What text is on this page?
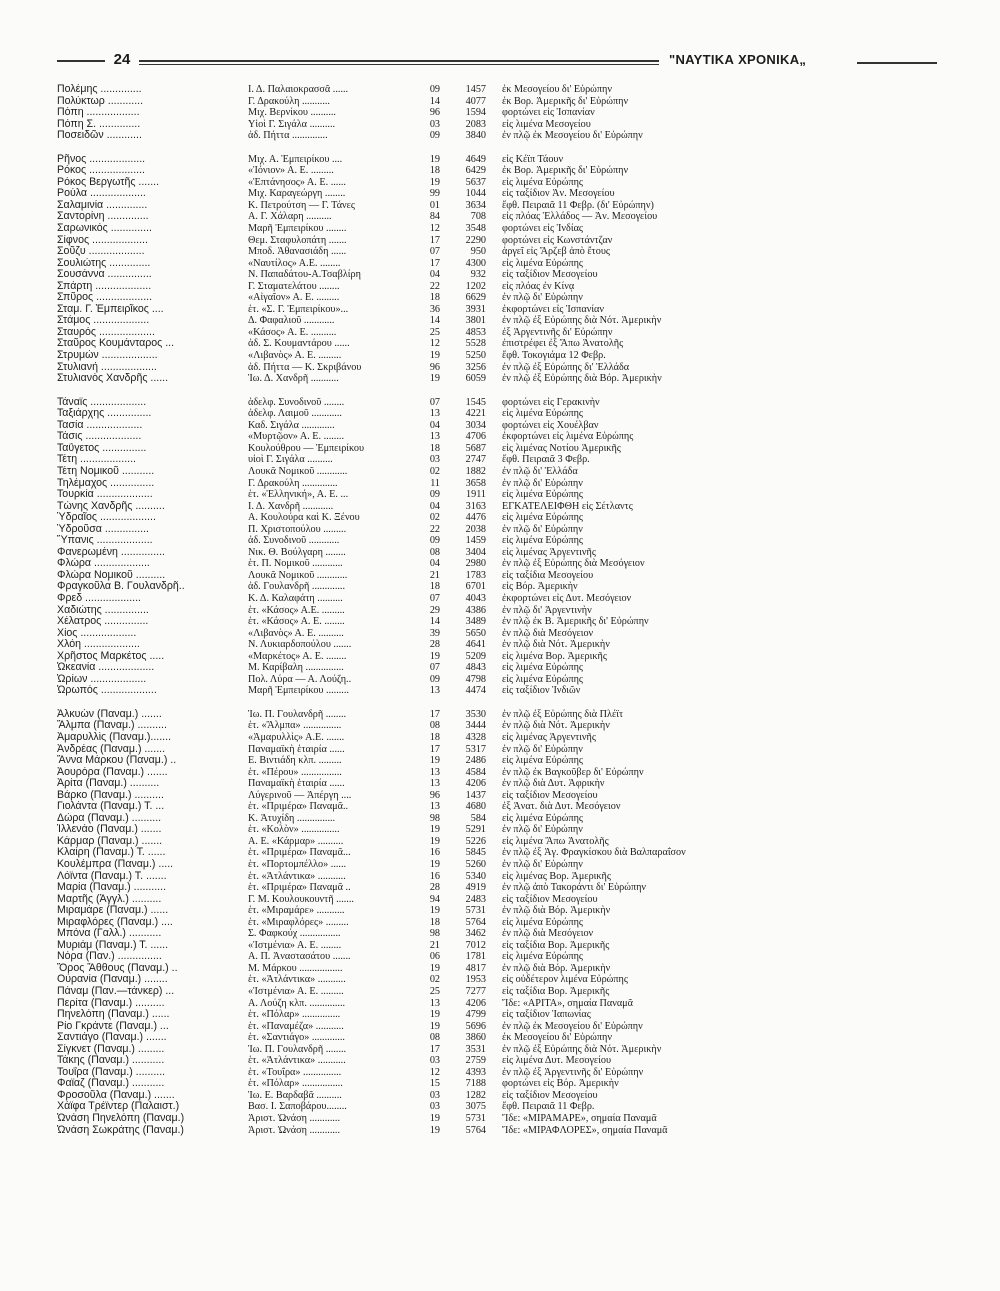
24	"ΝΑΥΤΙΚΑ ΧΡΟΝΙΚΑ„
Πολέμης ..............	Ι. Δ. Παλαιοκρασσᾶ ......	09	1457 ἐκ Μεσογείου δι' Εὐρώπην
Πολύκτωρ ............	Γ. Δρακούλη ...........	14	4077 ἐκ Βορ. Ἀμερικῆς δι' Εὐρώπην
Πόπη ..................	Μιχ. Βερνίκου ..........	96	1594 φορτώνει εἰς Ἱσπανίαν
Πόπη Σ. ..............	Υἱοὶ Γ. Σιγάλα ..........	03	2083 εἰς λιμένα Μεσογείου
Ποσειδῶν ............	ἀδ. Πήττα ..............	09	3840 ἐν πλῷ ἐκ Μεσογείου δι' Εὐρώπην
Ρῆνος ...................	Μιχ. Α. Ἐμπειρίκου ....	19	4649 εἰς Κέϊπ Τάουν
Ρόκος ...................	«Ἰόνιον» Α. Ε. .........	18	6429 ἐκ Βορ. Ἀμερικῆς δι' Εὐρώπην
Ρόκος Βεργωτῆς .......	«Ἐπτάνησος» Α. Ε. ......	19	5637 εἰς λιμένα Εὐρώπης
Ρούλα ...................	Μιχ. Καραγεώργη ........	99	1044 εἰς ταξίδιον Ἀν. Μεσογείου
Σαλαμινία ..............	Κ. Πετρούτση — Γ. Τάνες	01	3634 ἔφθ. Πειραιᾶ 11 Φεβρ. (δι' Εὐρώπην)
Σαντορίνη ..............	Α. Γ. Χάλαρη ..........	84	708 εἰς πλόας Ἑλλάδος — Ἀν. Μεσογείου
Σαρωνικός ..............	Μαρῆ Ἐμπειρίκου ........	12	3548 φορτώνει εἰς Ἰνδίας
Σίφνος ...................	Θεμ. Σταφυλοπάτη .......	17	2290 φορτώνει εἰς Κωνστάντζαν
Σοῦζυ ...................	Μποδ. Ἀθανασιάδη ......	07	950 ἀργεῖ εἰς Ἄρζεβ ἀπὸ ἔτους
Σουλιώτης ..............	«Ναυτίλος» Α.Ε. ........	17	4300 εἰς λιμένα Εὐρώπης
Σουσάννα ...............	Ν. Παπαδάτου-Α.Τσαβλίρη	04	932 εἰς ταξίδιον Μεσογείου
Σπάρτη ...................	Γ. Σταματελάτου ........	22	1202 εἰς πλόας ἐν Κίνᾳ
Σπῦρος ...................	«Αἰγαῖον» Α. Ε. .........	18	6629 ἐν πλῷ δι' Εὐρώπην
Σταμ. Γ. Ἐμπειρῖκος ....	ἑτ. «Σ. Γ. Ἐμπειρίκου»...	36	3931 ἐκφορτώνει εἰς Ἱσπανίαν
Στάμος ...................	Δ. Φαφαλιοῦ ............	14	3801 ἐν πλῷ ἐξ Εὐρώπης διὰ Νότ. Ἀμερικὴν
Σταυρός ...................	«Κάσος» Α. Ε. ..........	25	4853 ἐξ Ἀργεντινῆς δι' Εὐρώπην
Σταῦρος Κουμάνταρος ...	ἀδ. Σ. Κουμαντάρου ......	12	5528 ἐπιστρέφει ἐξ Ἄπω Ἀνατολῆς
Στρυμών ...................	«Λιβανὸς» Α. Ε. .........	19	5250 ἔφθ. Τοκογιάμα 12 Φεβρ.
Στυλιανή ...................	ἀδ. Πήττα — Κ. Σκριβάνου	96	3256 ἐν πλῷ ἐξ Εὐρώπης δι' Ἑλλάδα
Στυλιανὸς Χανδρῆς ......	Ἰω. Δ. Χανδρῆ ...........	19	6059 ἐν πλῷ ἐξ Εὐρώπης διὰ Βόρ. Ἀμερικὴν
Τάναϊς ...................	ἀδελφ. Συνοδινοῦ ........	07	1545 φορτώνει εἰς Γερακινὴν
Ταξιάρχης ...............	ἀδελφ. Λαιμοῦ ............	13	4221 εἰς λιμένα Εὐρώπης
Τασία ...................	Καδ. Σιγάλα .............	04	3034 φορτώνει εἰς Χουέλβαν
Τάσις ...................	«Μυρτῷον» Α. Ε. ........	13	4706 ἐκφορτώνει εἰς λιμένα Εὐρώπης
Ταΰγετος ...............	Κουλούθρου — Ἐμπειρίκου	18	5687 εἰς λιμένας Νοτίου Ἀμερικῆς
Τέτη ...................	υἱοὶ Γ. Σιγάλα ..........	03	2747 ἔφθ. Πειραιᾶ 3 Φεβρ.
Τέτη Νομικοῦ ...........	Λουκᾶ Νομικοῦ ............	02	1882 ἐν πλῷ δι' Ἑλλάδα
Τηλέμαχος ...............	Γ. Δρακούλη ..............	11	3658 ἐν πλῷ δι' Εὐρώπην
Τουρκία ...................	ἑτ. «Ἑλληνική», Α. Ε. ...	09	1911 εἰς λιμένα Εὐρώπης
Τώνης Χανδρῆς ..........	Ι. Δ. Χανδρῆ ............	04	3163 ΕΓΚΑΤΕΛΕΙΦΘΗ εἰς Σέτλαντς
Ὑδραῖος ...................	Α. Κουλούρα καὶ Κ. Ξένου	02	4476 εἰς λιμένα Εὐρώπης
Ὑδροῦσα ...............	Π. Χριστοπούλου .........	22	2038 ἐν πλῷ δι' Εὐρώπην
Ὕπανις ...................	ἀδ. Συνοδινοῦ ............	09	1459 εἰς λιμένα Εὐρώπης
Φανερωμένη ...............	Νικ. Θ. Βούλγαρη ........	08	3404 εἰς λιμένας Ἀργεντινῆς
Φλώρα ...................	ἑτ. Π. Νομικοῦ ............	04	2980 ἐν πλῷ ἐξ Εὐρώπης διὰ Μεσόγειον
Φλώρα Νομικοῦ ..........	Λουκᾶ Νομικοῦ ............	21	1783 εἰς ταξίδια Μεσογείου
Φραγκοῦλα Β. Γουλανδρῆ..	ἀδ. Γουλανδρῆ .............	18	6701 εἰς Βόρ. Ἀμερικὴν
Φρεδ ...................	Κ. Δ. Καλαφάτη ..........	07	4043 ἐκφορτώνει εἰς Δυτ. Μεσόγειον
Χαδιώτης ...............	ἑτ. «Κάσος» Α.Ε. .........	29	4386 ἐν πλῷ δι' Ἀργεντινὴν
Χέλατρος ...............	ἑτ. «Κάσος» Α. Ε. ........	14	3489 ἐν πλῷ ἐκ Β. Ἀμερικῆς δι' Εὐρώπην
Χίος ...................	«Λιβανὸς» Α. Ε. ..........	39	5650 ἐν πλῷ διὰ Μεσόγειον
Χλόη ...................	Ν. Λυκιαρδοπούλου .......	28	4641 ἐν πλῷ διὰ Νότ. Ἀμερικὴν
Χρῆστος Μαρκέτος .....	«Μαρκέτος» Α. Ε. ........	19	5209 εἰς λιμένα Βορ. Ἀμερικῆς
Ὠκεανία ...................	Μ. Καρίβαλη ...............	07	4843 εἰς λιμένα Εὐρώπης
Ὡρίων ...................	Πολ. Λύρα — Α. Λούζη..	09	4798 εἰς λιμένα Εὐρώπης
Ὠρωπός ...................	Μαρῆ Ἐμπειρίκου .........	13	4474 εἰς ταξίδιον Ἰνδιῶν
Ἀλκυὼν (Παναμ.) .......	Ἰω. Π. Γουλανδρῆ ........	17	3530 ἐν πλῷ ἐξ Εὐρώπης διὰ Πλέϊτ
Ἄλμπα (Παναμ.) ..........	ἑτ. «Ἄλμπα» ...............	08	3444 ἐν πλῷ διὰ Νότ. Ἀμερικὴν
Ἀμαρυλλὶς (Παναμ.).......	«Ἀμαρυλλὶς» Α.Ε. .......	18	4328 εἰς λιμένας Ἀργεντινῆς
Ἀνδρέας (Παναμ.) .......	Παναμαϊκὴ ἑταιρία ......	17	5317 ἐν πλῷ δι' Εὐρώπην
Ἄννα Μάρκου (Παναμ.) ..	Ε. Βιντιάδη κλπ. .........	19	2486 εἰς λιμένα Εὐρώπης
Ἀουρόρα (Παναμ.) .......	ἑτ. «Πέρου» ................	13	4584 ἐν πλῷ ἐκ Βαγκοῦβερ δι' Εὐρώπην
Ἀρίτα (Παναμ.) ..........	Παναμαϊκὴ ἑταιρία ......	13	4206 ἐν πλῷ διὰ Δυτ. Ἀφρικὴν
Βάρκο (Παναμ.) ..........	Λύγερινοῦ — Ἀπέργη ....	96	1437 εἰς ταξίδιον Μεσογείου
Γιολάντα (Παναμ.) Τ. ...	ἑτ. «Πριμέρα» Παναμᾶ..	13	4680 ἐξ Ἀνατ. διὰ Δυτ. Μεσόγειον
Δώρα (Παναμ.) ..........	Κ. Ἀτυχίδη ...............	98	584 εἰς λιμένα Εὐρώπης
Ἰλλενάο (Παναμ.) .......	ἑτ. «Κολὸν» ...............	19	5291 ἐν πλῷ δι' Εὐρώπην
Κάρμαρ (Παναμ.) .......	Α. Ε. «Κάρμαρ» ..........	19	5226 εἰς λιμένα Ἄπω Ἀνατολῆς
Κλαίρη (Παναμ.) Τ. ......	ἑτ. «Πριμέρα» Παναμᾶ...	16	5845 ἐν πλῷ ἐξ Ἀγ. Φραγκίσκου διὰ Βαλπαραΐσον
Κουλέμπρα (Παναμ.) .....	ἑτ. «Πορτομπέλλο» ......	19	5260 ἐν πλῷ δι' Εὐρώπην
Λόϊντα (Παναμ.) Τ. .......	ἑτ. «Ἀτλάντικα» ...........	16	5340 εἰς λιμένας Βορ. Ἀμερικῆς
Μαρία (Παναμ.) ...........	ἑτ. «Πριμέρα» Παναμᾶ ..	28	4919 ἐν πλῷ ἀπὸ Τακοράντι δι' Εὐρώπην
Μαρτῆς (Ἀγγλ.) ..........	Γ. Μ. Κουλουκουντῆ .......	94	2483 εἰς ταξίδιον Μεσογείου
Μιραμάρε (Παναμ.) ......	ἑτ. «Μιραμάρε» ...........	19	5731 ἐν πλῷ διὰ Βόρ. Ἀμερικὴν
Μιραφλόρες (Παναμ.) ....	ἑτ. «Μιραφλόρες» .........	18	5764 εἰς λιμένα Εὐρώπης
Μπόνα (Γαλλ.) ...........	Σ. Φαφκούχ ................	98	3462 ἐν πλῷ διὰ Μεσόγειον
Μυριάμ (Παναμ.) Τ. ......	«Ἰστμένια» Α. Ε. ........	21	7012 εἰς ταξίδια Βορ. Ἀμερικῆς
Νόρα (Παν.) ...............	Α. Π. Ἀναστασάτου .......	06	1781 εἰς λιμένα Εὐρώπης
Ὄρος Ἄθθους (Παναμ.) ..	Μ. Μάρκου .................	19	4817 ἐν πλῷ διὰ Βόρ. Ἀμερικὴν
Οὐρανία (Παναμ.) ........	ἑτ. «Ἀτλάντικα» ...........	02	1953 εἰς οὐδέτερον λιμένα Εὐρώπης
Πάναμ (Παν.—τάνκερ) ...	«Ἰστμένια» Α. Ε. .........	25	7277 εἰς ταξίδια Βορ. Ἀμερικῆς
Περίτα (Παναμ.) ..........	Α. Λούζη κλπ. ..............	13	4206 Ἴδε: «ΑΡΙΤΑ», σημαία Παναμᾶ
Πηνελόπη (Παναμ.) ......	ἑτ. «Πόλαρ» ...............	19	4799 εἰς ταξίδιον Ἰαπωνίας
Ρίο Γκράντε (Παναμ.) ...	ἑτ. «Παναμέζα» ...........	19	5696 ἐν πλῷ ἐκ Μεσογείου δι' Εὐρώπην
Σαντιάγο (Παναμ.) .......	ἑτ. «Σαντιάγο» .............	08	3860 ἐκ Μεσογείου δι' Εὐρώπην
Σίγκνετ (Παναμ.) .........	Ἰω. Π. Γουλανδρῆ ........	17	3531 ἐν πλῷ ἐξ Εὐρώπης διὰ Νότ. Ἀμερικὴν
Τάκης (Παναμ.) ...........	ἑτ. «Ἀτλάντικα» ...........	03	2759 εἰς λιμένα Δυτ. Μεσογείου
Τουΐρα (Παναμ.) ..........	ἑτ. «Τουΐρα» ...............	12	4393 ἐν πλῷ ἐξ Ἀργεντινῆς δι' Εὐρώπην
Φαϊαζ (Παναμ.) ...........	ἑτ. «Πόλαρ» ................	15	7188 φορτώνει εἰς Βόρ. Ἀμερικὴν
Φροσοῦλα (Παναμ.) .......	Ἰω. Ε. Βαρδαβᾶ ..........	03	1282 εἰς ταξίδιον Μεσογείου
Χάϊφα Τρέϊντερ (Παλαιστ.)	Βασ. Ι. Σαποβάρου........	03	3075 ἔφθ. Πειραιᾶ 11 Φεβρ.
Ὠνάση Πηνελόπη (Παναμ.)	Ἀριστ. Ὠνάση ............	19	5731 Ἴδε: «ΜΙΡΑΜΑΡΕ», σημαία Παναμᾶ
Ὠνάση Σωκράτης (Παναμ.)	Ἀριστ. Ὠνάση ............	19	5764 Ἴδε: «ΜΙΡΑΦΛΟΡΕΣ», σημαία Παναμᾶ
